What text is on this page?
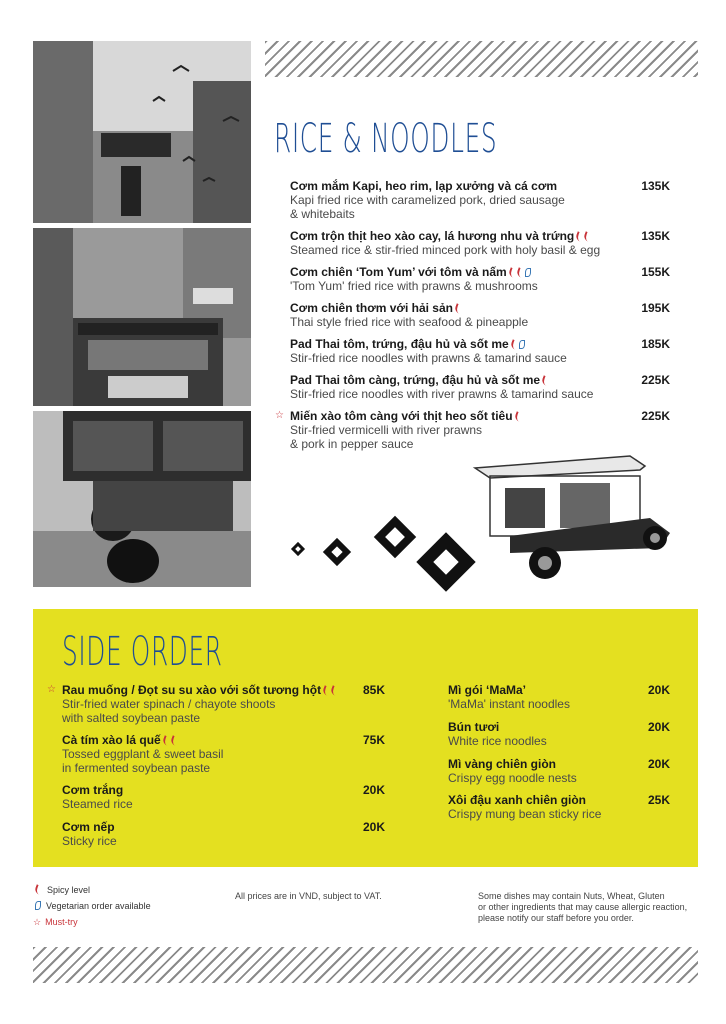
RICE & NOODLES
☆
Cơm mắm Kapi, heo rim, lạp xưởng và cá cơm
Kapi fried rice with caramelized pork, dried sausage
& whitebaits
135K
Cơm trộn thịt heo xào cay, lá hương nhu và trứng
Steamed rice & stir-fried minced pork with holy basil & egg
135K
Cơm chiên ‘Tom Yum’ với tôm và nấm
'Tom Yum' fried rice with prawns & mushrooms
155K
Cơm chiên thơm với hải sản
Thai style fried rice with seafood & pineapple
195K
Pad Thai tôm, trứng, đậu hủ và sốt me
Stir-fried rice noodles with prawns & tamarind sauce
185K
Pad Thai tôm càng, trứng, đậu hủ và sốt me
Stir-fried rice noodles with river prawns & tamarind sauce
225K
Miến xào tôm càng với thịt heo sốt tiêu
Stir-fried vermicelli with river prawns
& pork in pepper sauce
225K
SIDE ORDER
☆ Rau muống / Đọt su su xào với sốt tương hột
Stir-fried water spinach / chayote shoots
with salted soybean paste
85K
Cà tím xào lá quế
Tossed eggplant & sweet basil
in fermented soybean paste
75K
Cơm trắng
Steamed rice
20K
Cơm nếp
Sticky rice
20K
Mì gói ‘MaMa’
'MaMa' instant noodles
20K
Bún tươi
White rice noodles
20K
Mì vàng chiên giòn
Crispy egg noodle nests
20K
Xôi đậu xanh chiên giòn
Crispy mung bean sticky rice
25K
Spicy level
Vegetarian order available
☆ Must-try
All prices are in VND, subject to VAT.	Some dishes may contain Nuts, Wheat, Gluten
or other ingredients that may cause allergic reaction,
please notify our staff before you order.
